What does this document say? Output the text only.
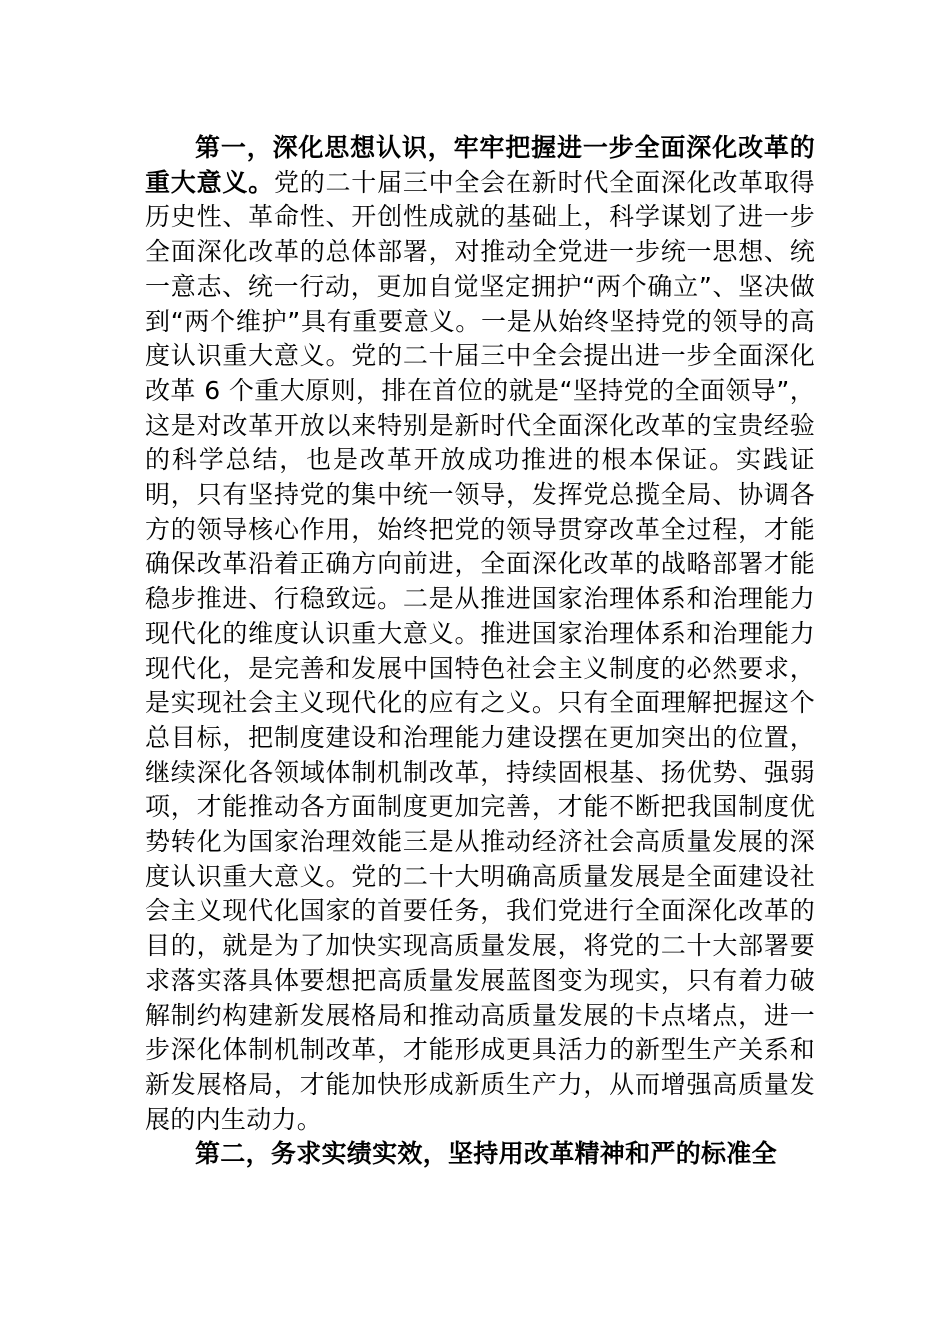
第一，深化思想认识，牢牢把握进一步全面深化改革的重大意义。党的二十届三中全会在新时代全面深化改革取得历史性、革命性、开创性成就的基础上，科学谋划了进一步全面深化改革的总体部署，对推动全党进一步统一思想、统一意志、统一行动，更加自觉坚定拥护“两个确立”、坚决做到“两个维护”具有重要意义。一是从始终坚持党的领导的高度认识重大意义。党的二十届三中全会提出进一步全面深化改革 6 个重大原则，排在首位的就是“坚持党的全面领导”，这是对改革开放以来特别是新时代全面深化改革的宝贵经验的科学总结，也是改革开放成功推进的根本保证。实践证明，只有坚持党的集中统一领导，发挥党总揽全局、协调各方的领导核心作用，始终把党的领导贯穿改革全过程，才能确保改革沿着正确方向前进，全面深化改革的战略部署才能稳步推进、行稳致远。二是从推进国家治理体系和治理能力现代化的维度认识重大意义。推进国家治理体系和治理能力现代化，是完善和发展中国特色社会主义制度的必然要求，是实现社会主义现代化的应有之义。只有全面理解把握这个总目标，把制度建设和治理能力建设摆在更加突出的位置，继续深化各领域体制机制改革，持续固根基、扬优势、强弱项，才能推动各方面制度更加完善，才能不断把我国制度优势转化为国家治理效能三是从推动经济社会高质量发展的深度认识重大意义。党的二十大明确高质量发展是全面建设社会主义现代化国家的首要任务，我们党进行全面深化改革的目的，就是为了加快实现高质量发展，将党的二十大部署要求落实落具体要想把高质量发展蓝图变为现实，只有着力破解制约构建新发展格局和推动高质量发展的卡点堵点，进一步深化体制机制改革，才能形成更具活力的新型生产关系和新发展格局，才能加快形成新质生产力，从而增强高质量发展的内生动力。

第二，务求实绩实效，坚持用改革精神和严的标准全
